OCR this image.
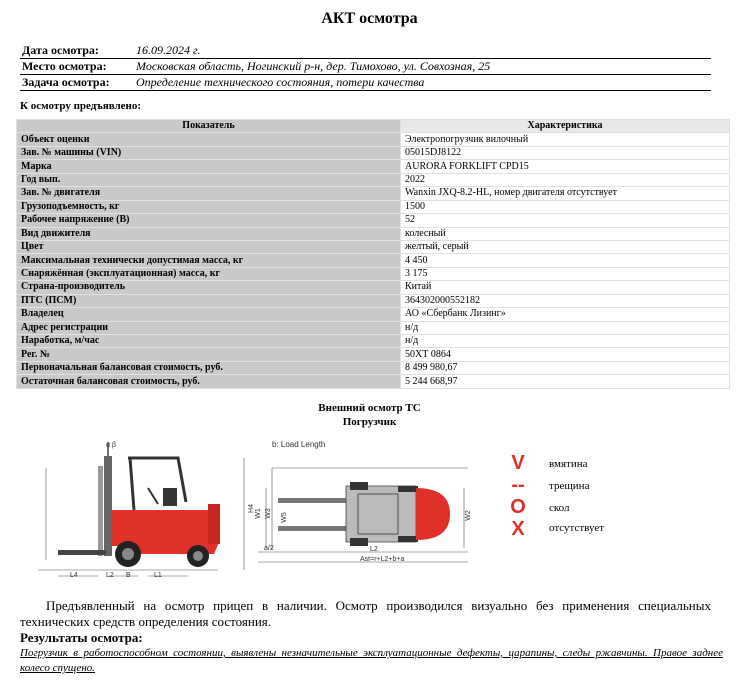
АКТ осмотра
Дата осмотра:	16.09.2024 г.
Место осмотра: Московская область, Ногинский р-н, дер. Тимохово, ул. Совхозная, 25
Задача осмотра: Определение технического состояния, потери качества
К осмотру предъявлено:
Показатель	Характеристика
Объект оценки	Электропогрузчик вилочный
Зав. № машины (VIN)	05015DJ8122
Марка	AURORA FORKLIFT CPD15
Год вып.	2022
Зав. № двигателя	Wanxin JXQ-8.2-HL, номер двигателя отсутствует
Грузоподъемность, кг	1500
Рабочее напряжение (В)	52
Вид движителя	колесный
Цвет	желтый, серый
Максимальная технически допустимая масса, кг	4 450
Снаряжённая (эксплуатационная) масса, кг	3 175
Страна-производитель	Китай
ПТС (ПСМ)	364302000552182
Владелец	АО «Сбербанк Лизинг»
Адрес регистрации	н/д
Наработка, м/час	н/д
Рег. №	50ХТ 0864
Первоначальная балансовая стоимость, руб.	8 499 980,67
Остаточная балансовая стоимость, руб.	5 244 668,97
Внешний осмотр ТС
Погрузчик
α β
H4
L4	L2 B	L1
b: Load Length
W1 W3 W5	W2
a/2	L2
Ast=r+L2+b+a
V	вмятина
--	трещина
O	скол
X	отсутствует
Предъявленный на осмотр прицеп в наличии. Осмотр производился визуально без применения специальных технических средств определения состояния.
Результаты осмотра:
Погрузчик в работоспособном состоянии, выявлены незначительные эксплуатационные дефекты, царапины, следы ржавчины. Правое заднее колесо спущено.
